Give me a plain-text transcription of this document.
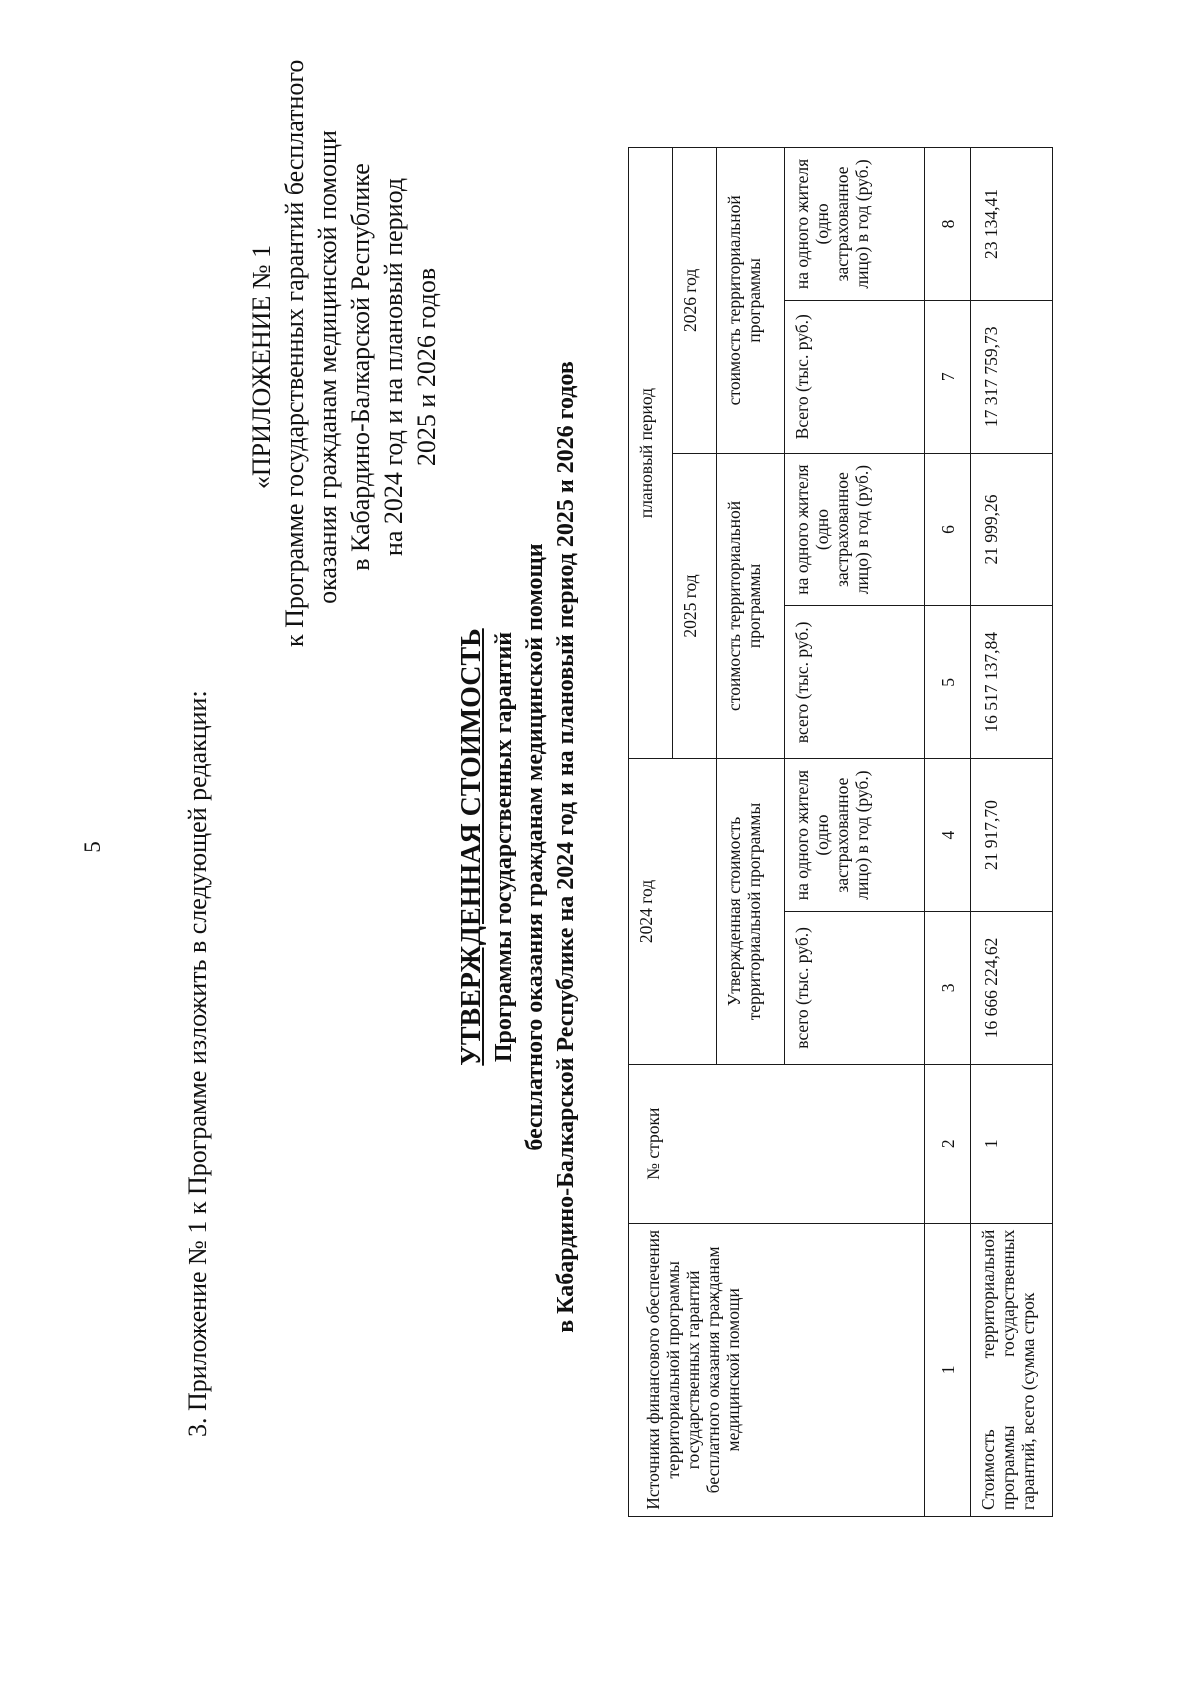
5	3. Приложение № 1 к Программе изложить в следующей редакции:
«ПРИЛОЖЕНИЕ № 1 к Программе государственных гарантий бесплатного оказания гражданам медицинской помощи в Кабардино-Балкарской Республике на 2024 год и на плановый период 2025 и 2026 годов
УТВЕРЖДЕННАЯ СТОИМОСТЬ Программы государственных гарантий бесплатного оказания гражданам медицинской помощи в Кабардино-Балкарской Республике на 2024 год и на плановый период 2025 и 2026 годов
Источники финансового обеспечения территориальной программы государственных гарантий бесплатного оказания гражданам медицинской помощи	№ строки	2024 год		плановый период			
				2025 год		2026 год	
		Утвержденная стоимость территориальной программы		стоимость территориальной программы		стоимость территориальной программы	
		всего (тыс. руб.)	на одного жителя (одно застрахованное лицо) в год (руб.)	всего (тыс. руб.)	на одного жителя (одно застрахованное лицо) в год (руб.)	Всего (тыс. руб.)	на одного жителя (одно застрахованное лицо) в год (руб.)
1	2	3	4	5	6	7	8
Стоимость территориальной программы государственных гарантий, всего (сумма строк	1	16 666 224,62	21 917,70	16 517 137,84	21 999,26	17 317 759,73	23 134,41
